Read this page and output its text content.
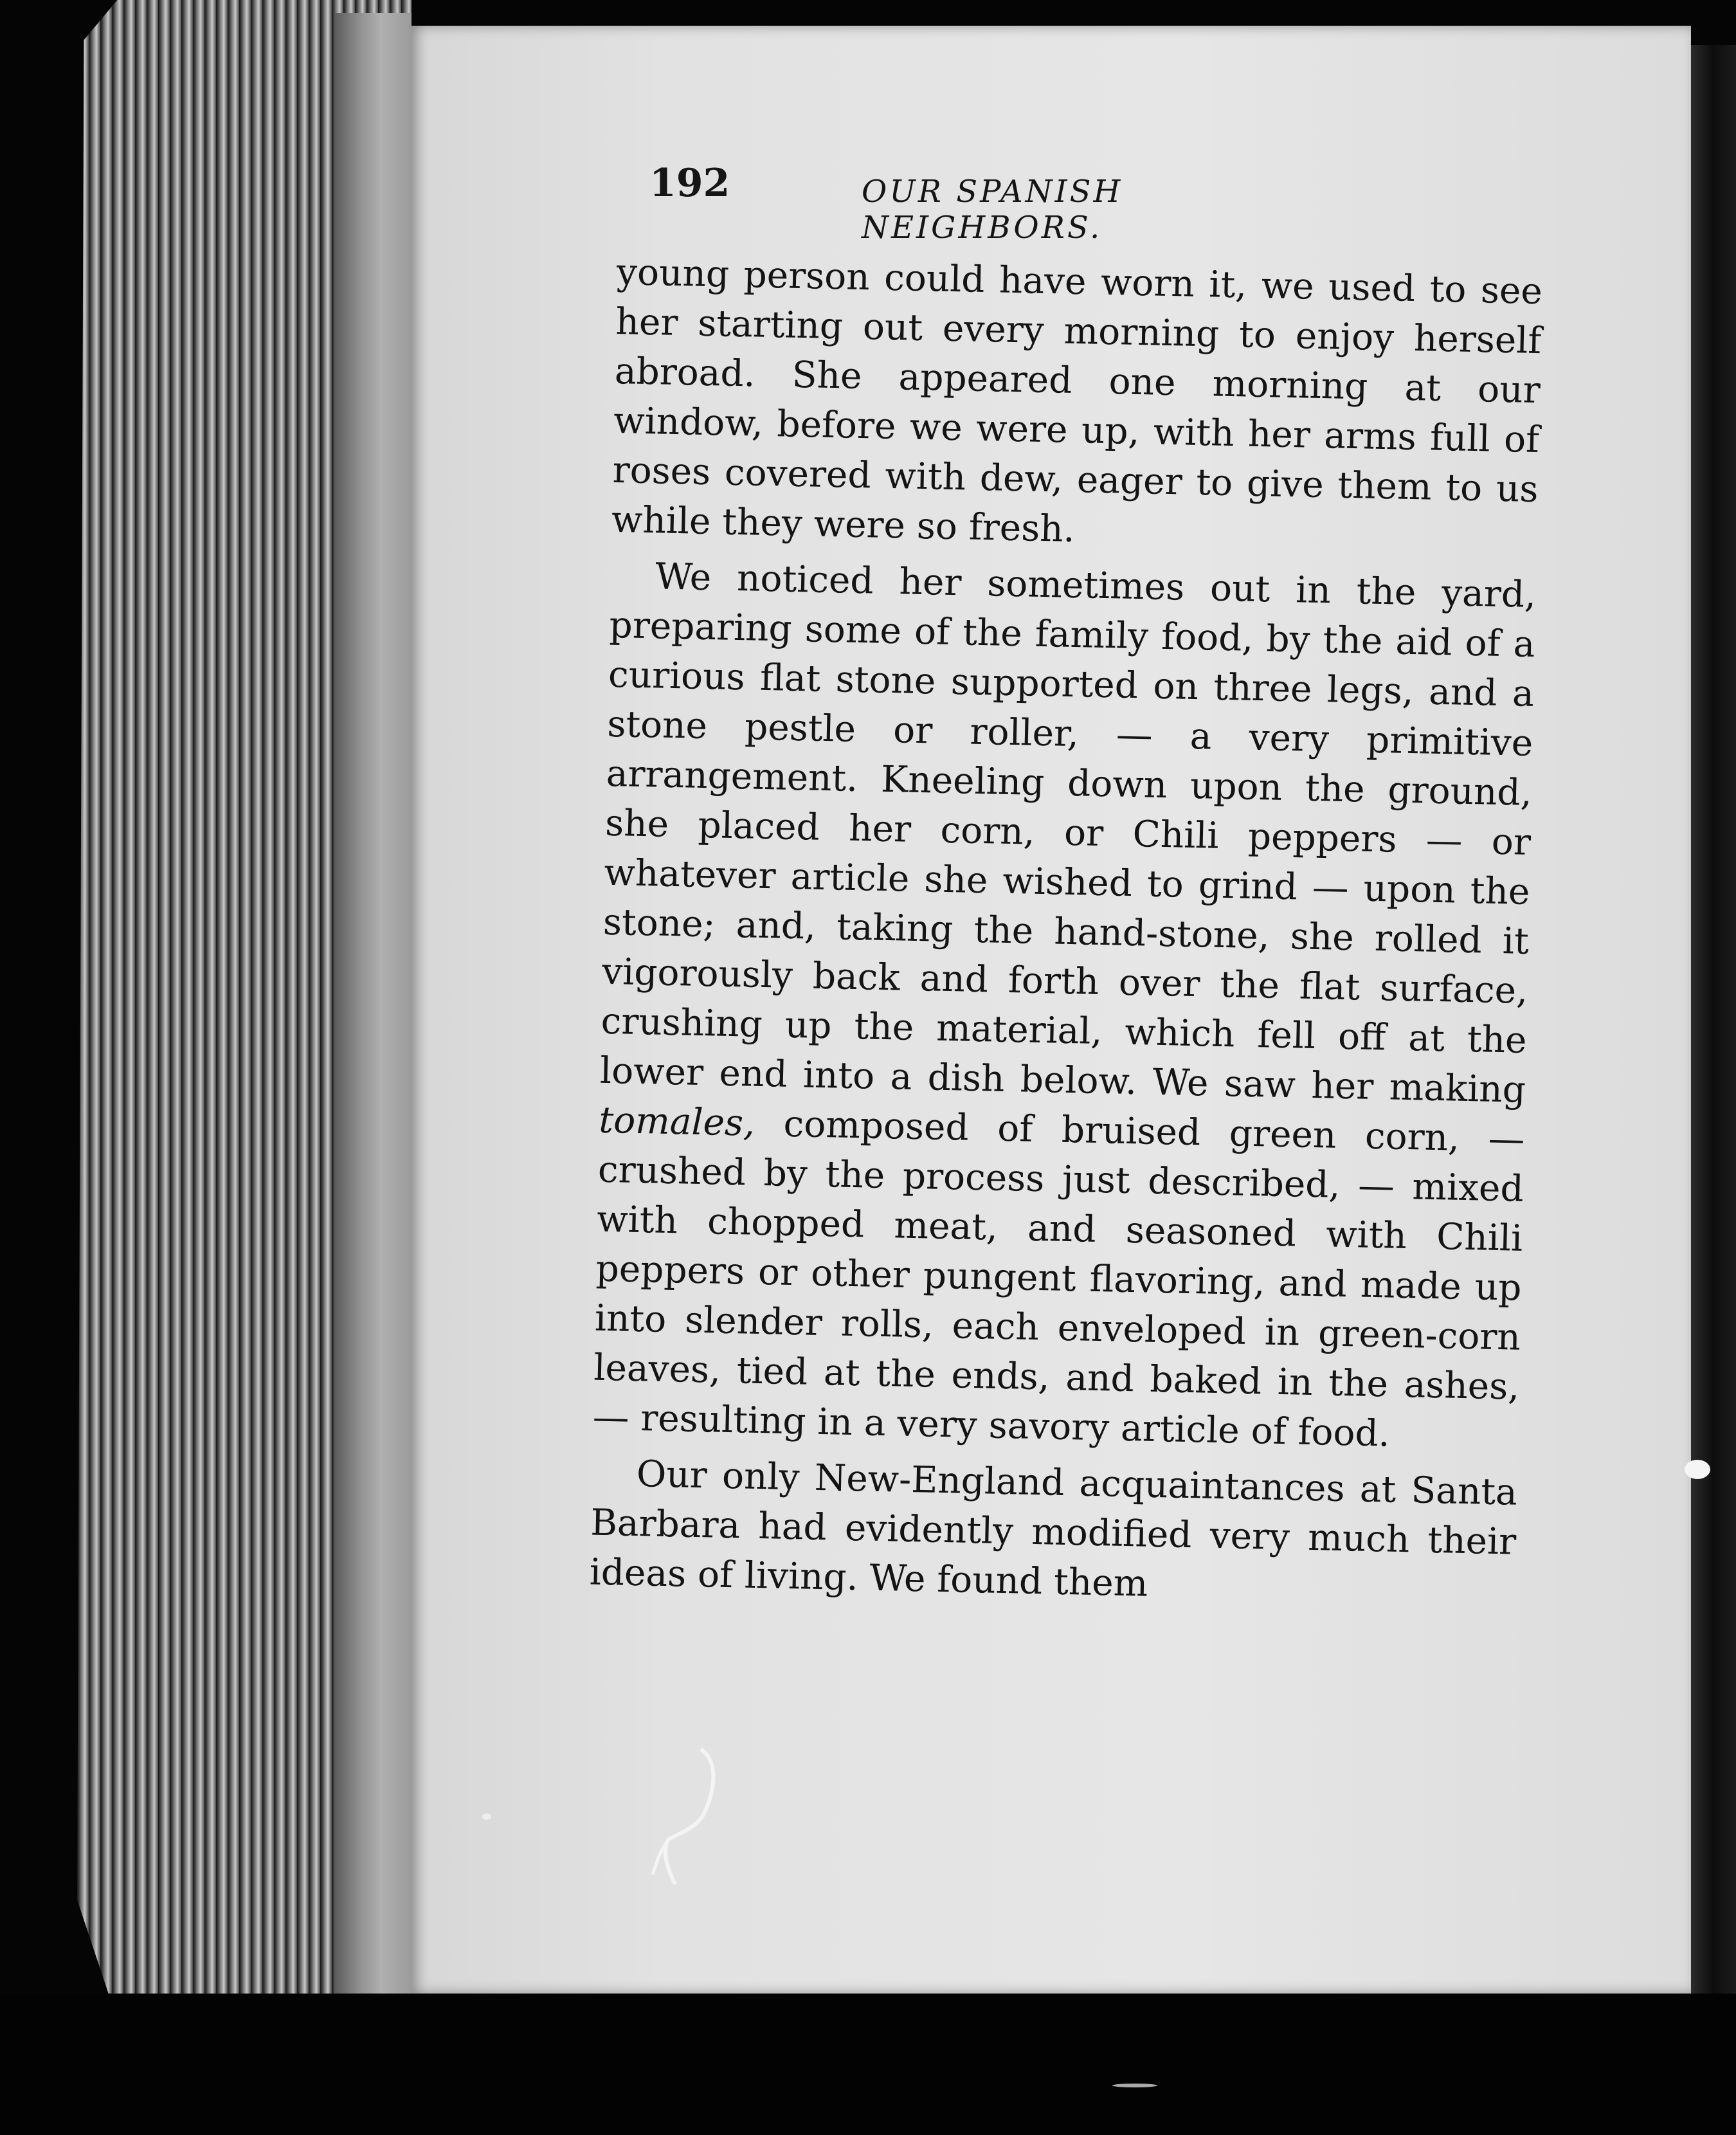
192	OUR SPANISH NEIGHBORS.

young person could have worn it, we used to see her starting out every morning to enjoy herself abroad. She appeared one morning at our window, before we were up, with her arms full of roses covered with dew, eager to give them to us while they were so fresh.

We noticed her sometimes out in the yard, preparing some of the family food, by the aid of a curious flat stone supported on three legs, and a stone pestle or roller, — a very primitive arrangement. Kneeling down upon the ground, she placed her corn, or Chili peppers — or whatever article she wished to grind — upon the stone; and, taking the hand-stone, she rolled it vigorously back and forth over the flat surface, crushing up the material, which fell off at the lower end into a dish below. We saw her making tomales, composed of bruised green corn, — crushed by the process just described, — mixed with chopped meat, and seasoned with Chili peppers or other pungent flavoring, and made up into slender rolls, each enveloped in green-corn leaves, tied at the ends, and baked in the ashes, — resulting in a very savory article of food.

Our only New-England acquaintances at Santa Barbara had evidently modified very much their ideas of living. We found them
